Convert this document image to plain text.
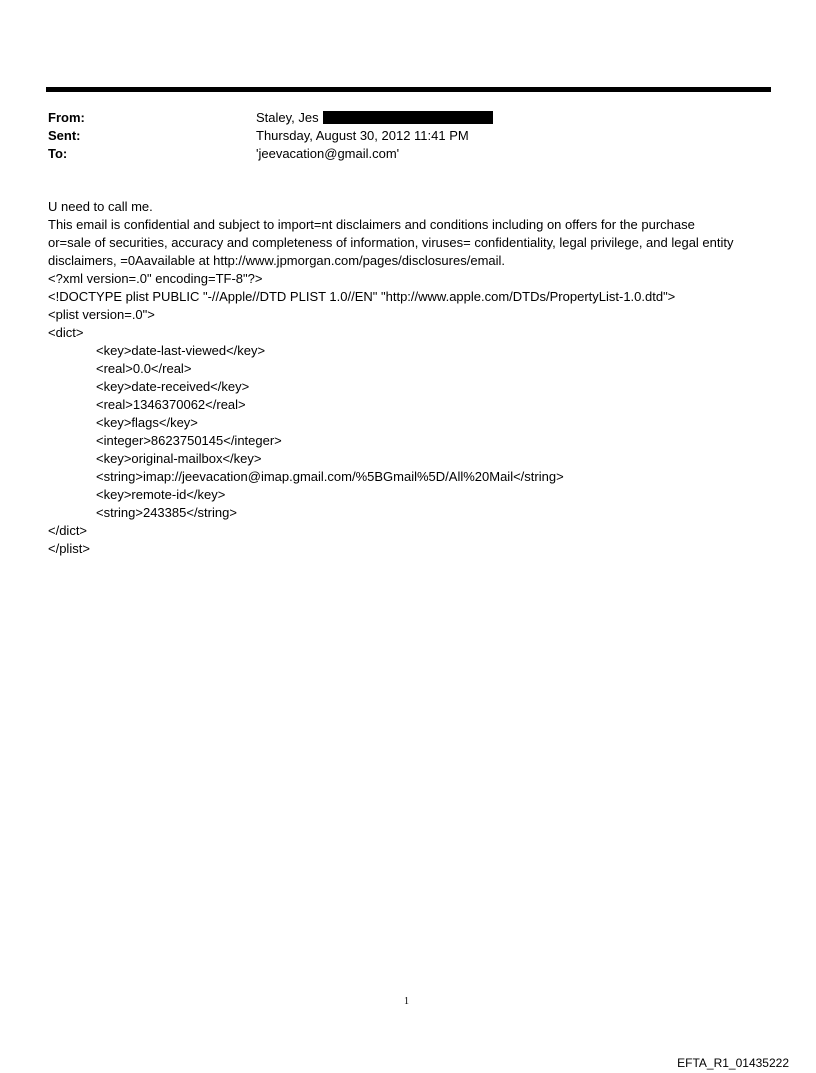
From:	Staley, Jes
Sent:	Thursday, August 30, 2012 11:41 PM
To:	'jeevacation@gmail.com'
U need to call me.
This email is confidential and subject to import=nt disclaimers and conditions including on offers for the purchase
or=sale of securities, accuracy and completeness of information, viruses= confidentiality, legal privilege, and legal entity
disclaimers, =0Aavailable at http://www.jpmorgan.com/pages/disclosures/email.
<?xml version=.0" encoding=TF-8"?>
<!DOCTYPE plist PUBLIC "-//Apple//DTD PLIST 1.0//EN" "http://www.apple.com/DTDs/PropertyList-1.0.dtd">
<plist version=.0">
<dict>
<key>date-last-viewed</key>
<real>0.0</real>
<key>date-received</key>
<real>1346370062</real>
<key>flags</key>
<integer>8623750145</integer>
<key>original-mailbox</key>
<string>imap://jeevacation@imap.gmail.com/%5BGmail%5D/All%20Mail</string>
<key>remote-id</key>
<string>243385</string>
</dict>
</plist>
1
EFTA_R1_01435222
